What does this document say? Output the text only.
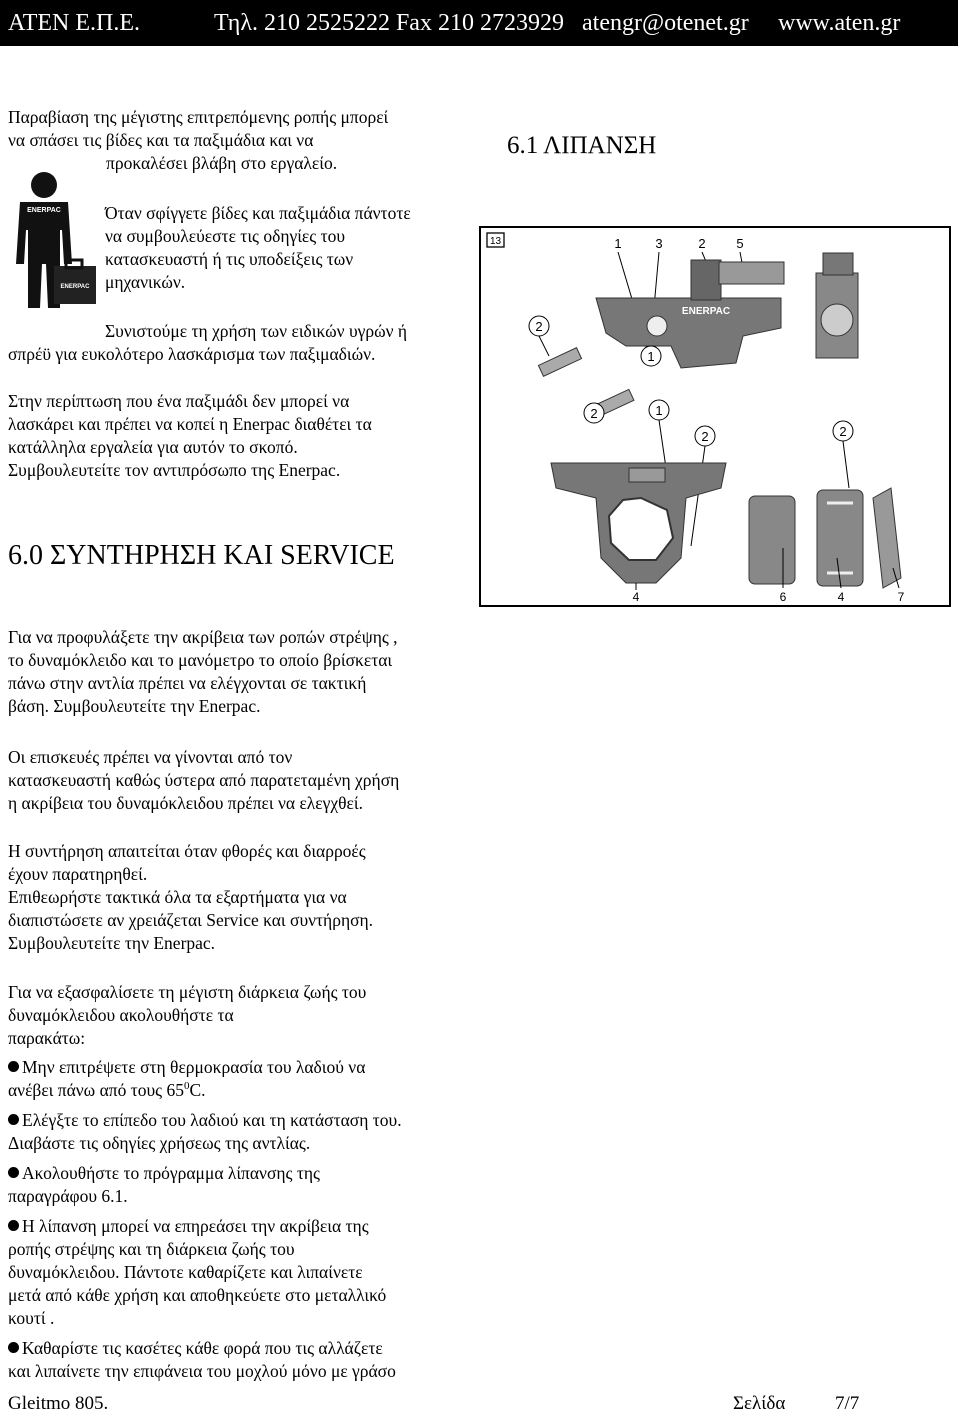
ΑΤΕΝ Ε.Π.Ε.	Τηλ. 210 2525222 Fax 210 2723929 atengr@otenet.gr www.aten.gr

Παραβίαση της μέγιστης επιτρεπόμενης ροπής μπορεί

να σπάσει τις βίδες και τα παξιμάδια και να

προκαλέσει βλάβη στο εργαλείο.

ENERPAC
ENERPAC

Όταν σφίγγετε βίδες και παξιμάδια πάντοτε

να συμβουλεύεστε τις οδηγίες του

κατασκευαστή ή τις υποδείξεις των

μηχανικών.

Συνιστούμε τη χρήση των ειδικών υγρών ή

σπρέϋ για ευκολότερο λασκάρισμα των παξιμαδιών.

Στην περίπτωση που ένα παξιμάδι δεν μπορεί να

λασκάρει και πρέπει να κοπεί η Enerpac διαθέτει τα

κατάλληλα εργαλεία για αυτόν το σκοπό.

Συμβουλευτείτε τον αντιπρόσωπο της Enerpac.

6.0 ΣΥΝΤΗΡΗΣΗ ΚΑΙ SERVICE
6.1 ΛΙΠΑΝΣΗ
13	1	3	2 5
ENERPAC
2
1
2	1
2	2
4	6	4	7

Για να προφυλάξετε την ακρίβεια των ροπών στρέψης ,

το δυναμόκλειδο και το μανόμετρο το οποίο βρίσκεται

πάνω στην αντλία πρέπει να ελέγχονται σε τακτική

βάση. Συμβουλευτείτε την Enerpac.

Οι επισκευές πρέπει να γίνονται από τον

κατασκευαστή καθώς ύστερα από παρατεταμένη χρήση

η ακρίβεια του δυναμόκλειδου πρέπει να ελεγχθεί.

Η συντήρηση απαιτείται όταν φθορές και διαρροές

έχουν παρατηρηθεί.

Επιθεωρήστε τακτικά όλα τα εξαρτήματα για να

διαπιστώσετε αν χρειάζεται Service και συντήρηση.

Συμβουλευτείτε την Enerpac.

Για να εξασφαλίσετε τη μέγιστη διάρκεια ζωής του

δυναμόκλειδου ακολουθήστε τα

παρακάτω:

Μην επιτρέψετε στη θερμοκρασία του λαδιού να

ανέβει πάνω από τους $65^0C$.

Ελέγξτε το επίπεδο του λαδιού και τη κατάσταση του.

Διαβάστε τις οδηγίες χρήσεως της αντλίας.

Ακολουθήστε το πρόγραμμα λίπανσης της

παραγράφου 6.1.

Η λίπανση μπορεί να επηρεάσει την ακρίβεια της

ροπής στρέψης και τη διάρκεια ζωής του

δυναμόκλειδου. Πάντοτε καθαρίζετε και λιπαίνετε

μετά από κάθε χρήση και αποθηκεύετε στο μεταλλικό

κουτί .

Καθαρίστε τις κασέτες κάθε φορά που τις αλλάζετε

και λιπαίνετε την επιφάνεια του μοχλού μόνο με γράσο

Gleitmo 805.	Σελίδα	7/7
